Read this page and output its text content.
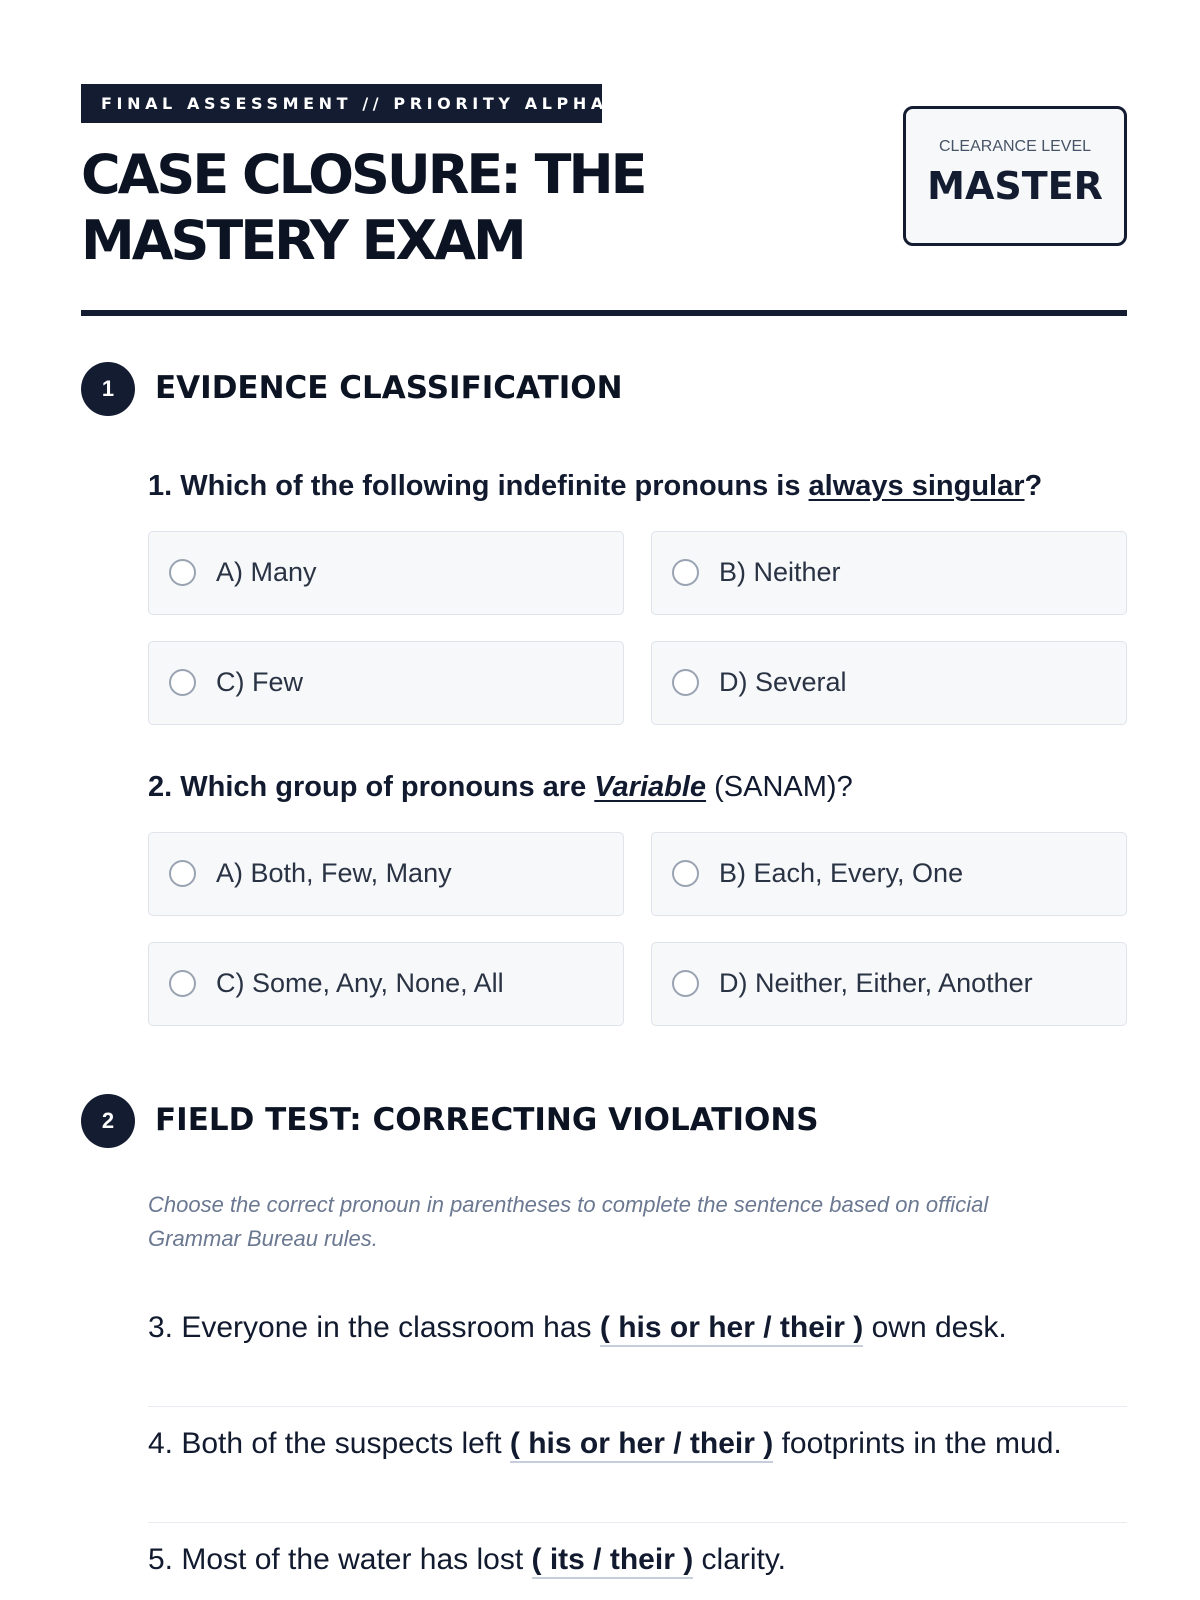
FINAL ASSESSMENT // PRIORITY ALPHA
CASE CLOSURE: THE MASTERY EXAM
CLEARANCE LEVEL
MASTER
1	EVIDENCE CLASSIFICATION

1. Which of the following indefinite pronouns is always singular?

A) Many	B) Neither
C) Few	D) Several

2. Which group of pronouns are Variable (SANAM)?

A) Both, Few, Many	B) Each, Every, One
C) Some, Any, None, All	D) Neither, Either, Another
2	FIELD TEST: CORRECTING VIOLATIONS

Choose the correct pronoun in parentheses to complete the sentence based on official Grammar Bureau rules.

3. Everyone in the classroom has ( his or her / their ) own desk.
4. Both of the suspects left ( his or her / their ) footprints in the mud.
5. Most of the water has lost ( its / their ) clarity.
